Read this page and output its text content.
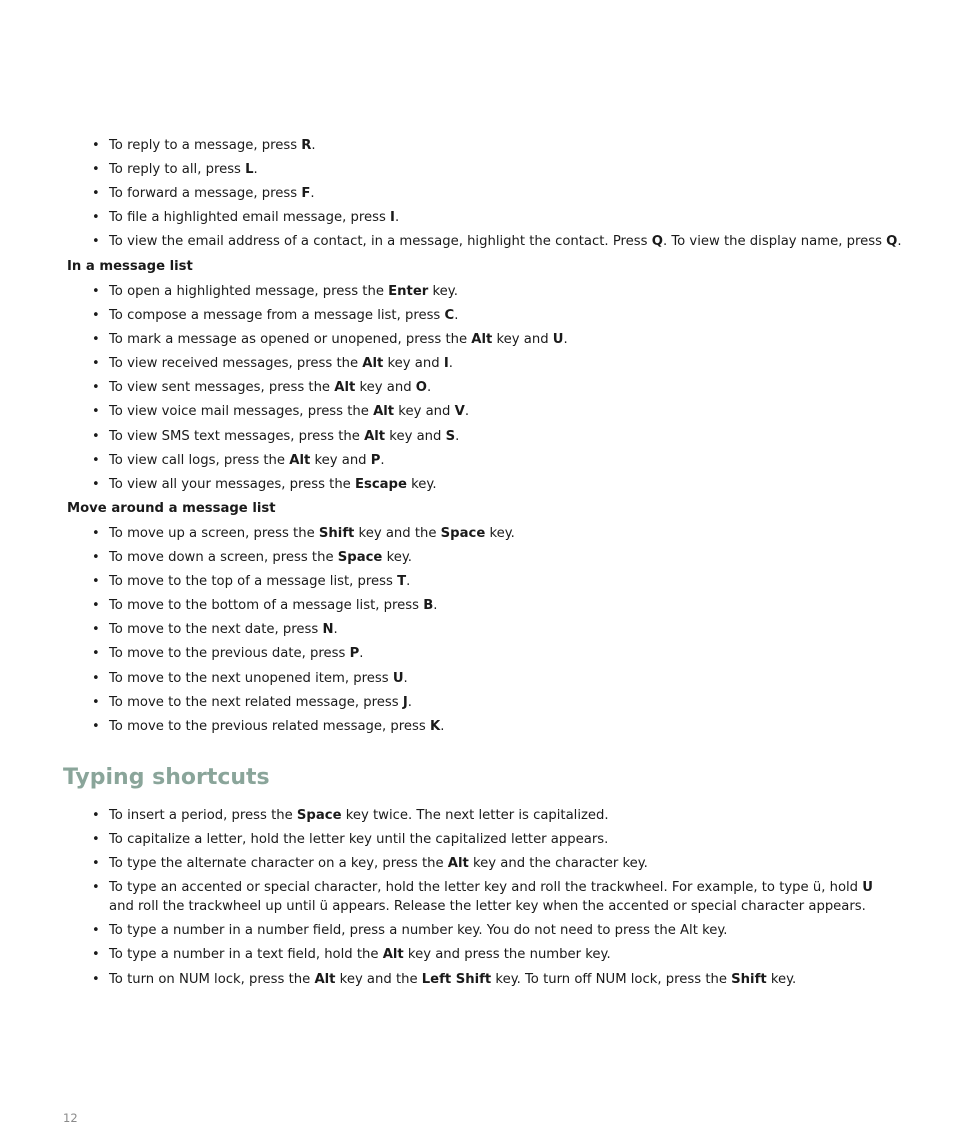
• To reply to a message, press R.
• To reply to all, press L.
• To forward a message, press F.
• To file a highlighted email message, press I.
• To view the email address of a contact, in a message, highlight the contact. Press Q. To view the display name, press Q.
In a message list
• To open a highlighted message, press the Enter key.
• To compose a message from a message list, press C.
• To mark a message as opened or unopened, press the Alt key and U.
• To view received messages, press the Alt key and I.
• To view sent messages, press the Alt key and O.
• To view voice mail messages, press the Alt key and V.
• To view SMS text messages, press the Alt key and S.
• To view call logs, press the Alt key and P.
• To view all your messages, press the Escape key.
Move around a message list
• To move up a screen, press the Shift key and the Space key.
• To move down a screen, press the Space key.
• To move to the top of a message list, press T.
• To move to the bottom of a message list, press B.
• To move to the next date, press N.
• To move to the previous date, press P.
• To move to the next unopened item, press U.
• To move to the next related message, press J.
• To move to the previous related message, press K.
Typing shortcuts
• To insert a period, press the Space key twice. The next letter is capitalized.
• To capitalize a letter, hold the letter key until the capitalized letter appears.
• To type the alternate character on a key, press the Alt key and the character key.
• To type an accented or special character, hold the letter key and roll the trackwheel. For example, to type ü, hold U and roll the trackwheel up until ü appears. Release the letter key when the accented or special character appears.
• To type a number in a number field, press a number key. You do not need to press the Alt key.
• To type a number in a text field, hold the Alt key and press the number key.
• To turn on NUM lock, press the Alt key and the Left Shift key. To turn off NUM lock, press the Shift key.
12
